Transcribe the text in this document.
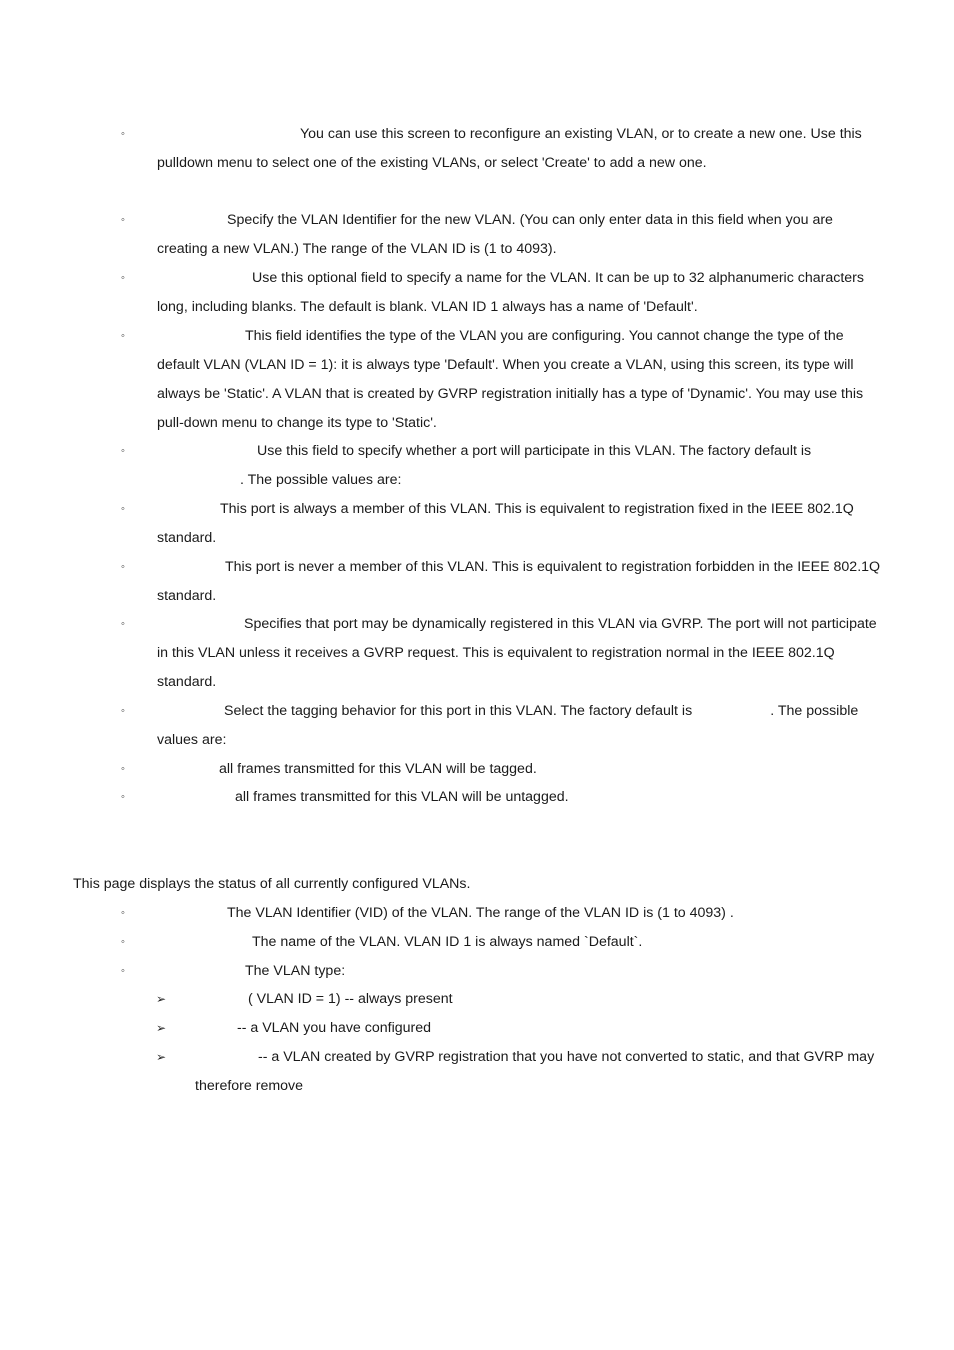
◦	You can use this screen to reconfigure an existing VLAN, or to create a new one. Use this pulldown menu to select one of the existing VLANs, or select 'Create' to add a new one.
◦	Specify the VLAN Identifier for the new VLAN. (You can only enter data in this field when you are creating a new VLAN.) The range of the VLAN ID is (1 to 4093).
◦	Use this optional field to specify a name for the VLAN. It can be up to 32 alphanumeric characters long, including blanks. The default is blank. VLAN ID 1 always has a name of 'Default'.
◦	This field identifies the type of the VLAN you are configuring. You cannot change the type of the default VLAN (VLAN ID = 1): it is always type 'Default'. When you create a VLAN, using this screen, its type will always be 'Static'. A VLAN that is created by GVRP registration initially has a type of 'Dynamic'. You may use this pull-down menu to change its type to 'Static'.
◦	Use this field to specify whether a port will participate in this VLAN. The factory default is
. The possible values are:
◦	This port is always a member of this VLAN. This is equivalent to registration fixed in the IEEE 802.1Q standard.
◦	This port is never a member of this VLAN. This is equivalent to registration forbidden in the IEEE 802.1Q standard.
◦	Specifies that port may be dynamically registered in this VLAN via GVRP. The port will not participate in this VLAN unless it receives a GVRP request. This is equivalent to registration normal in the IEEE 802.1Q standard.
◦	Select the tagging behavior for this port in this VLAN. The factory default is	. The possible values are:
◦	all frames transmitted for this VLAN will be tagged.
◦	all frames transmitted for this VLAN will be untagged.
This page displays the status of all currently configured VLANs.
◦	The VLAN Identifier (VID) of the VLAN. The range of the VLAN ID is (1 to 4093) .
◦	The name of the VLAN. VLAN ID 1 is always named `Default`.
◦	The VLAN type:
➢	( VLAN ID = 1) -- always present
➢	-- a VLAN you have configured
➢	-- a VLAN created by GVRP registration that you have not converted to static, and that GVRP may therefore remove
